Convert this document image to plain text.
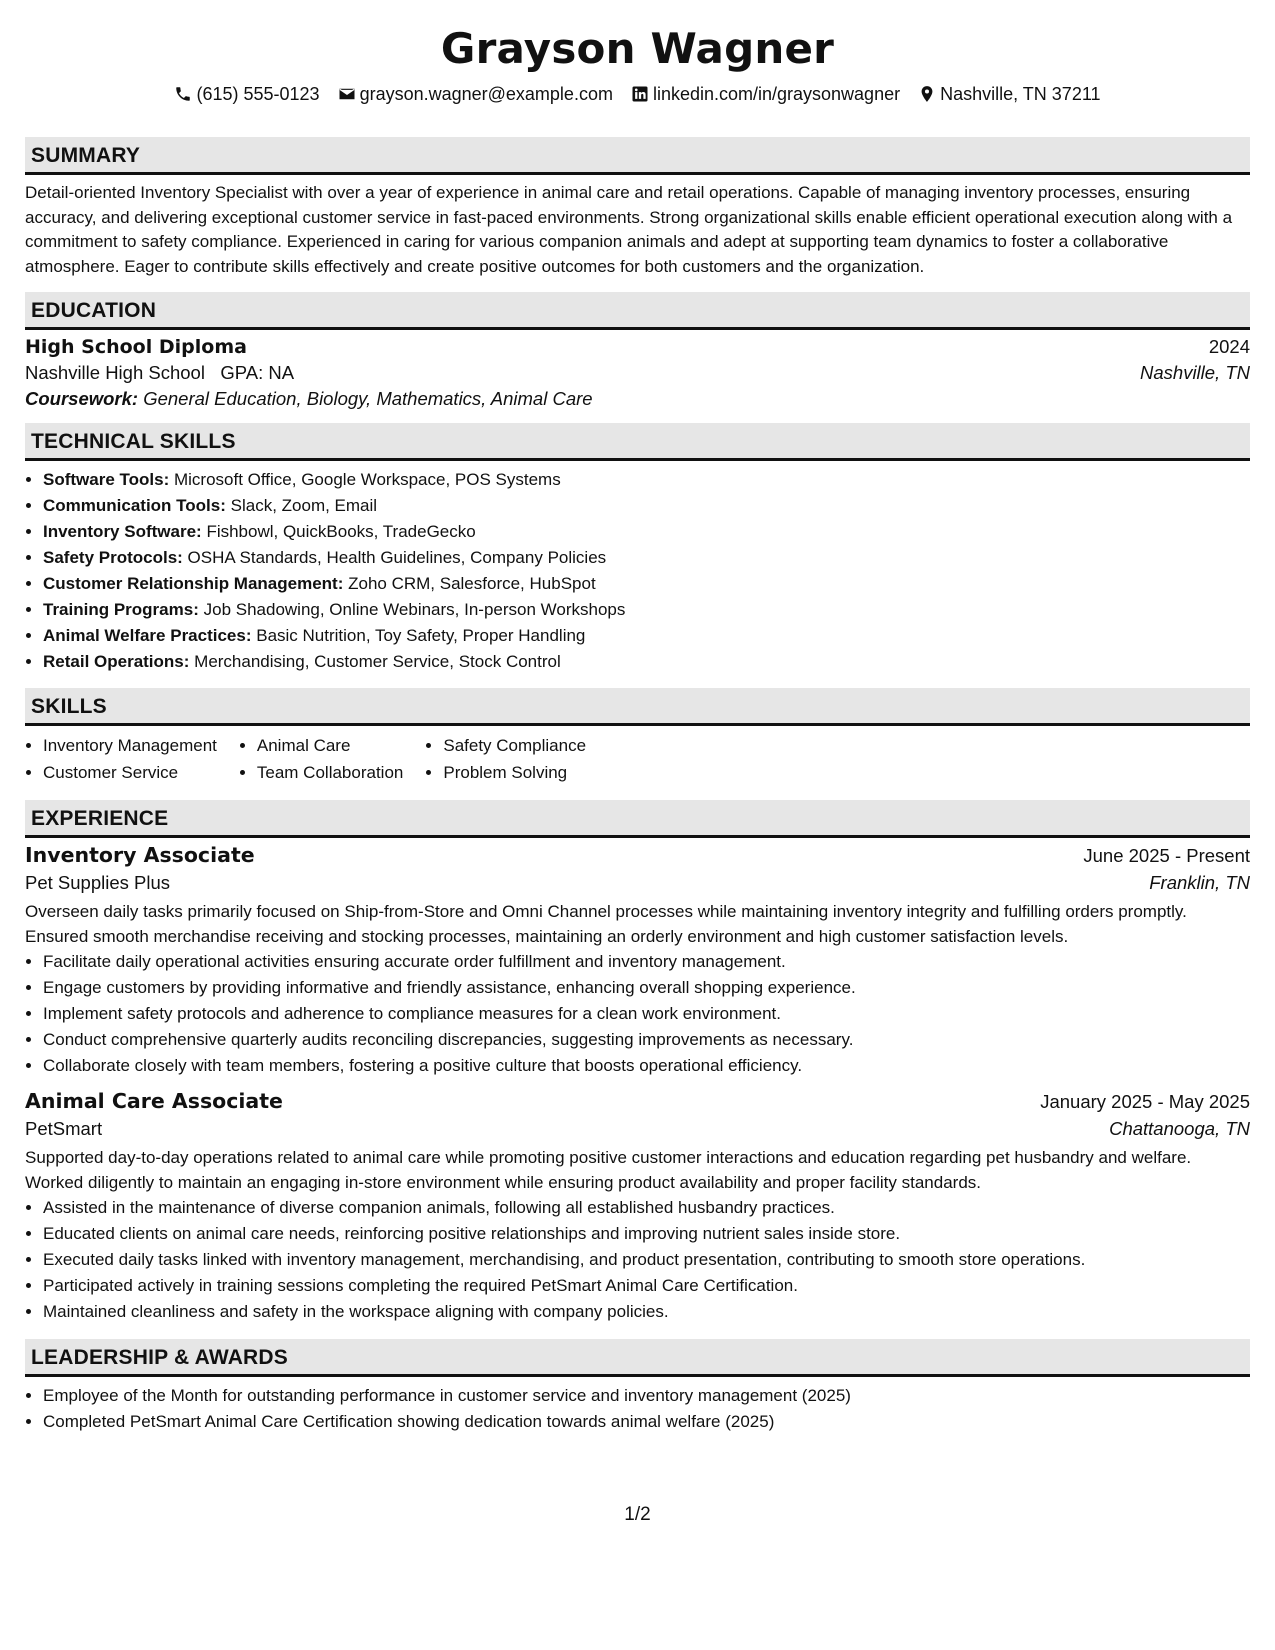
Grayson Wagner
(615) 555-0123 grayson.wagner@example.com linkedin.com/in/graysonwagner Nashville, TN 37211
SUMMARY

Detail-oriented Inventory Specialist with over a year of experience in animal care and retail operations. Capable of managing inventory processes, ensuring accuracy, and delivering exceptional customer service in fast-paced environments. Strong organizational skills enable efficient operational execution along with a commitment to safety compliance. Experienced in caring for various companion animals and adept at supporting team dynamics to foster a collaborative atmosphere. Eager to contribute skills effectively and create positive outcomes for both customers and the organization.

EDUCATION
High School Diploma	2024
Nashville High School GPA: NA	Nashville, TN
Coursework: General Education, Biology, Mathematics, Animal Care
TECHNICAL SKILLS
• Software Tools: Microsoft Office, Google Workspace, POS Systems
• Communication Tools: Slack, Zoom, Email
• Inventory Software: Fishbowl, QuickBooks, TradeGecko
• Safety Protocols: OSHA Standards, Health Guidelines, Company Policies
• Customer Relationship Management: Zoho CRM, Salesforce, HubSpot
• Training Programs: Job Shadowing, Online Webinars, In-person Workshops
• Animal Welfare Practices: Basic Nutrition, Toy Safety, Proper Handling
• Retail Operations: Merchandising, Customer Service, Stock Control
SKILLS
• Inventory Management
• Customer Service
• Animal Care
• Team Collaboration
• Safety Compliance
• Problem Solving
EXPERIENCE
Inventory Associate	June 2025 - Present
Pet Supplies Plus	Franklin, TN

Overseen daily tasks primarily focused on Ship-from-Store and Omni Channel processes while maintaining inventory integrity and fulfilling orders promptly. Ensured smooth merchandise receiving and stocking processes, maintaining an orderly environment and high customer satisfaction levels.

• Facilitate daily operational activities ensuring accurate order fulfillment and inventory management.
• Engage customers by providing informative and friendly assistance, enhancing overall shopping experience.
• Implement safety protocols and adherence to compliance measures for a clean work environment.
• Conduct comprehensive quarterly audits reconciling discrepancies, suggesting improvements as necessary.
• Collaborate closely with team members, fostering a positive culture that boosts operational efficiency.
Animal Care Associate	January 2025 - May 2025
PetSmart	Chattanooga, TN

Supported day-to-day operations related to animal care while promoting positive customer interactions and education regarding pet husbandry and welfare. Worked diligently to maintain an engaging in-store environment while ensuring product availability and proper facility standards.

• Assisted in the maintenance of diverse companion animals, following all established husbandry practices.
• Educated clients on animal care needs, reinforcing positive relationships and improving nutrient sales inside store.
• Executed daily tasks linked with inventory management, merchandising, and product presentation, contributing to smooth store operations.
• Participated actively in training sessions completing the required PetSmart Animal Care Certification.
• Maintained cleanliness and safety in the workspace aligning with company policies.
LEADERSHIP & AWARDS
• Employee of the Month for outstanding performance in customer service and inventory management (2025)
• Completed PetSmart Animal Care Certification showing dedication towards animal welfare (2025)
1/2
